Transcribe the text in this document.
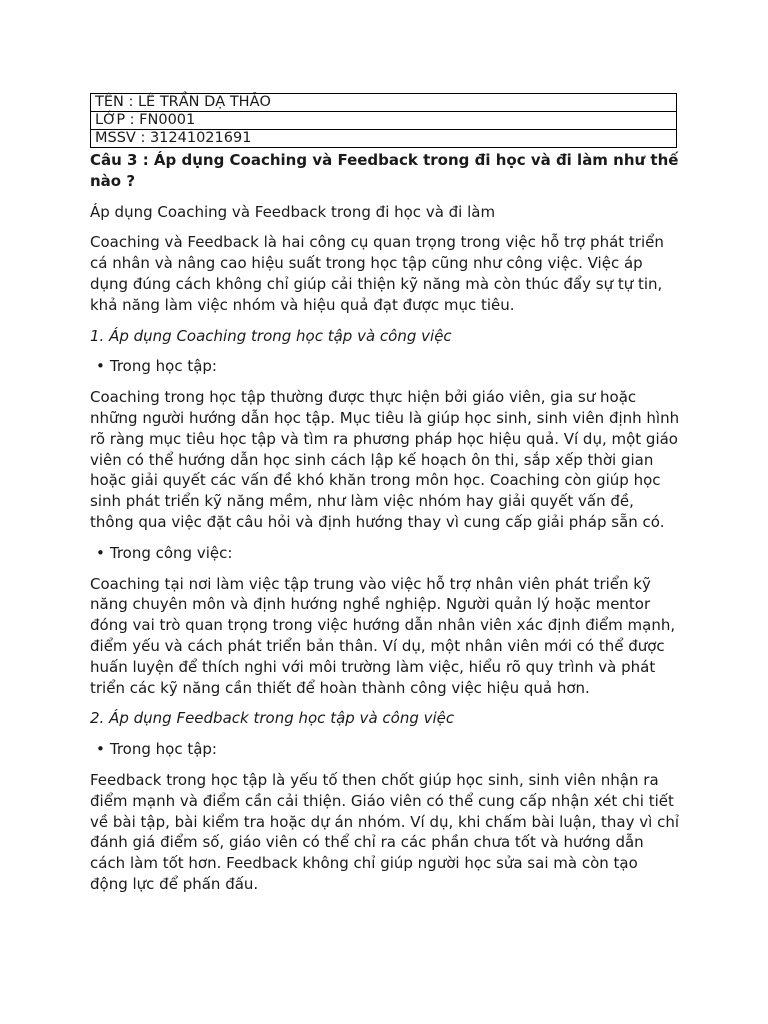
TÊN : LÊ TRẦN DẠ THẢO
LỚP : FN0001
MSSV : 31241021691

Câu 3 : Áp dụng Coaching và Feedback trong đi học và đi làm như thế nào ?

Áp dụng Coaching và Feedback trong đi học và đi làm

Coaching và Feedback là hai công cụ quan trọng trong việc hỗ trợ phát triển cá nhân và nâng cao hiệu suất trong học tập cũng như công việc. Việc áp dụng đúng cách không chỉ giúp cải thiện kỹ năng mà còn thúc đẩy sự tự tin, khả năng làm việc nhóm và hiệu quả đạt được mục tiêu.

1. Áp dụng Coaching trong học tập và công việc

• Trong học tập:

Coaching trong học tập thường được thực hiện bởi giáo viên, gia sư hoặc những người hướng dẫn học tập. Mục tiêu là giúp học sinh, sinh viên định hình rõ ràng mục tiêu học tập và tìm ra phương pháp học hiệu quả. Ví dụ, một giáo viên có thể hướng dẫn học sinh cách lập kế hoạch ôn thi, sắp xếp thời gian hoặc giải quyết các vấn đề khó khăn trong môn học. Coaching còn giúp học sinh phát triển kỹ năng mềm, như làm việc nhóm hay giải quyết vấn đề, thông qua việc đặt câu hỏi và định hướng thay vì cung cấp giải pháp sẵn có.

• Trong công việc:

Coaching tại nơi làm việc tập trung vào việc hỗ trợ nhân viên phát triển kỹ năng chuyên môn và định hướng nghề nghiệp. Người quản lý hoặc mentor đóng vai trò quan trọng trong việc hướng dẫn nhân viên xác định điểm mạnh, điểm yếu và cách phát triển bản thân. Ví dụ, một nhân viên mới có thể được huấn luyện để thích nghi với môi trường làm việc, hiểu rõ quy trình và phát triển các kỹ năng cần thiết để hoàn thành công việc hiệu quả hơn.

2. Áp dụng Feedback trong học tập và công việc

• Trong học tập:

Feedback trong học tập là yếu tố then chốt giúp học sinh, sinh viên nhận ra điểm mạnh và điểm cần cải thiện. Giáo viên có thể cung cấp nhận xét chi tiết về bài tập, bài kiểm tra hoặc dự án nhóm. Ví dụ, khi chấm bài luận, thay vì chỉ đánh giá điểm số, giáo viên có thể chỉ ra các phần chưa tốt và hướng dẫn cách làm tốt hơn. Feedback không chỉ giúp người học sửa sai mà còn tạo động lực để phấn đấu.
